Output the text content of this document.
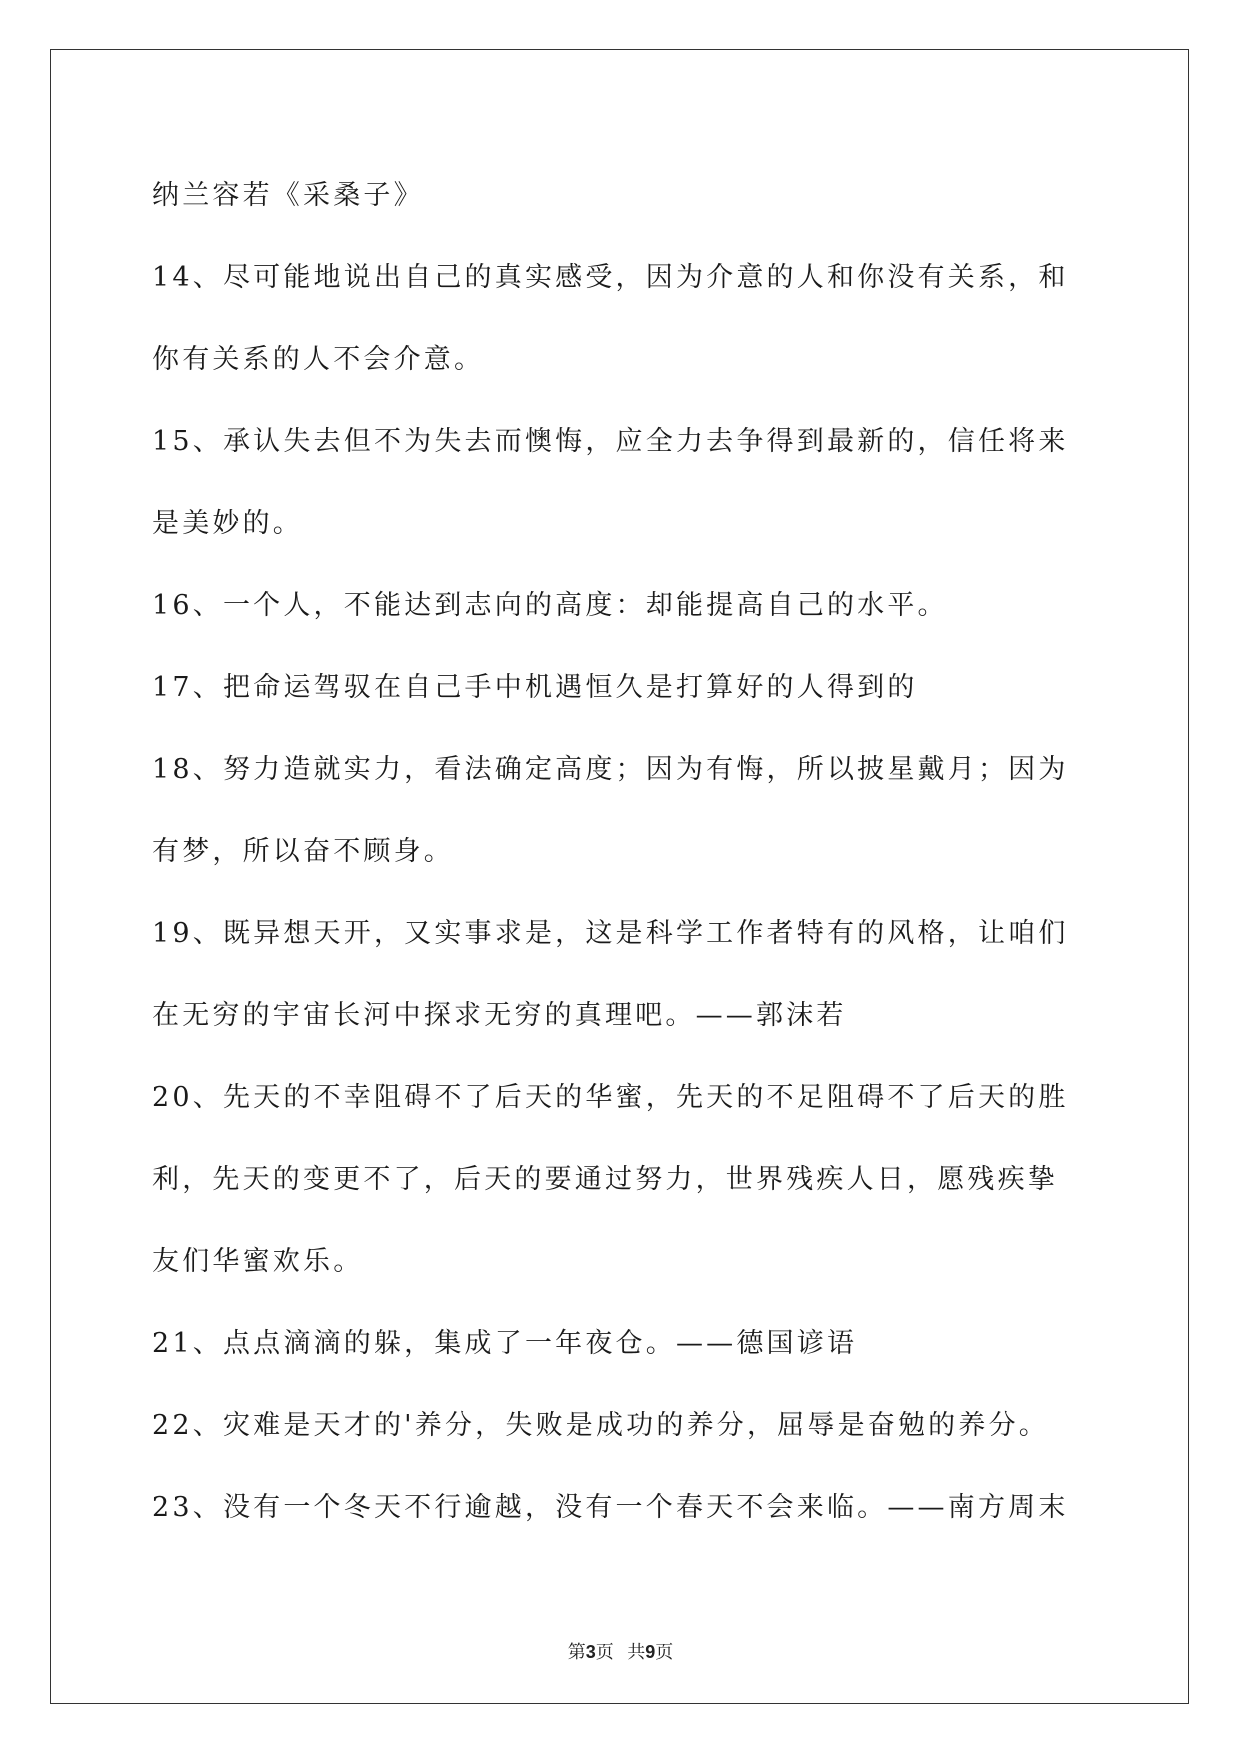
纳兰容若《采桑子》

14、尽可能地说出自己的真实感受，因为介意的人和你没有关系，和

你有关系的人不会介意。

15、承认失去但不为失去而懊悔，应全力去争得到最新的，信任将来

是美妙的。

16、一个人，不能达到志向的高度：却能提高自己的水平。

17、把命运驾驭在自己手中机遇恒久是打算好的人得到的

18、努力造就实力，看法确定高度；因为有悔，所以披星戴月；因为

有梦，所以奋不顾身。

19、既异想天开，又实事求是，这是科学工作者特有的风格，让咱们

在无穷的宇宙长河中探求无穷的真理吧。——郭沫若

20、先天的不幸阻碍不了后天的华蜜，先天的不足阻碍不了后天的胜

利，先天的变更不了，后天的要通过努力，世界残疾人日，愿残疾挚

友们华蜜欢乐。

21、点点滴滴的躲，集成了一年夜仓。——德国谚语

22、灾难是天才的'养分，失败是成功的养分，屈辱是奋勉的养分。

23、没有一个冬天不行逾越，没有一个春天不会来临。——南方周末

第3页   共9页
